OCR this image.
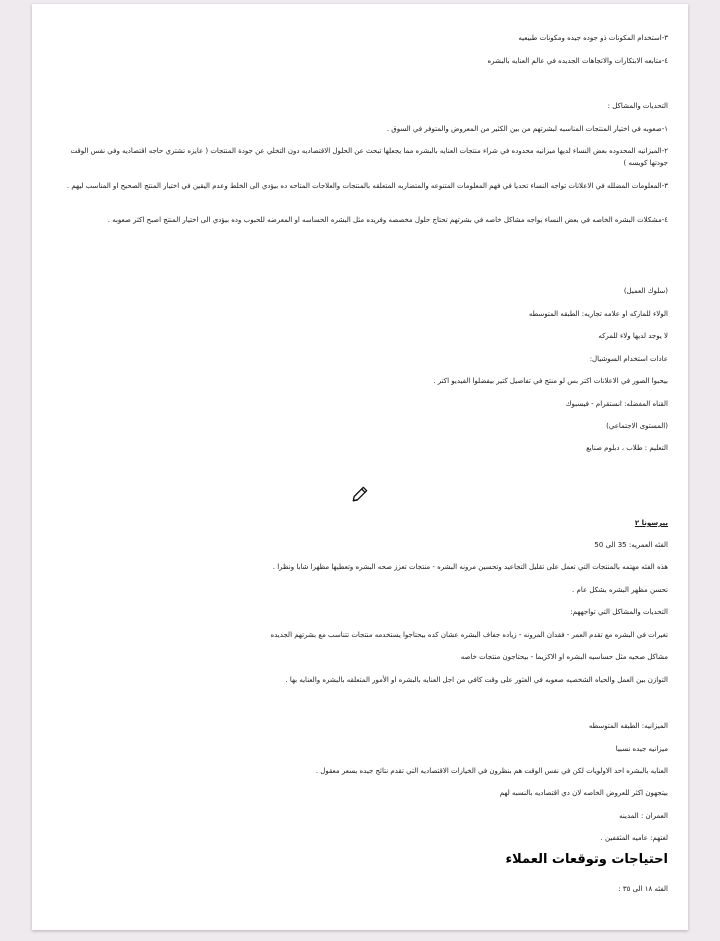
٣-استخدام المكونات ذو جوده جيده ومكونات طبيعيه
٤-متابعه الابتكارات والاتجاهات الجديده في عالم العنايه بالبشره
التحديات والمشاكل :
١-صعوبه في اختيار المنتجات المناسبه لبشرتهم من بين الكثير من المعروض والمتوفر في السوق .
٢-الميزانيه المحدوده بعض النساء لديها ميزانيه محدوده في شراء منتجات العنايه بالبشره مما يجعلها تبحث عن الحلول الاقتصاديه دون التخلي عن جودة المنتجات ( عايزه تشتري حاجه اقتصاديه وفي نفس الوقت جودتها كويسه )
٣-المعلومات المضلله في الاعلانات تواجه النساء تحديا في فهم المعلومات المتنوعه والمتضاربه المتعلقه بالمنتجات والعلاجات المتاحه ده بيؤدي الى الخلط وعدم اليقين في اختيار المنتج الصحيح او المناسب ليهم .
٤-مشكلات البشره الخاصه في بعض النساء بواجه مشاكل خاصه في بشرتهم تحتاج حلول مخصصه وفريده مثل البشره الحساسه او المعرضه للحبوب وده بيؤدي الى اختيار المنتج اصبح اكثر صعوبه .
(سلوك العميل)
الولاء للماركه او علامه تجاريه: الطبقه المتوسطه
لا يوجد لديها ولاء للمركه
عادات استخدام السوشيال:
بيحبوا الصور في الاعلانات اكتر بس لو منتج في تفاصيل كتير بيفضلوا الفيديو اكتر .
القناه المفضله: انستقرام - فيسبوك
(المستوى الاجتماعي)
التعليم : طلاب ، دبلوم صنايع
بيرسونا ٢
الفئه العمريه: 35 الى 50
هذه الفئه مهتمه بالمنتجات التي تعمل على تقليل التجاعيد وتحسين مرونه البشره - منتجات تعزز صحه البشره وتعطيها مظهرا شابا ونظرا .
تحسن مظهر البشره بشكل عام .
التحديات والمشاكل التي تواجههم:
تغيرات في البشره مع تقدم العمر - فقدان المرونه - زياده جفاف البشره عشان كده بيحتاجوا يستخدمه منتجات تتناسب مع بشرتهم الجديده
مشاكل صحيه مثل حساسيه البشره او الاكزيما - بيحتاجون منتجات خاصه
التوازن بين العمل والحياه الشخصيه صعوبه في العثور على وقت كافي من اجل العنايه بالبشره او الأمور المتعلقه بالبشره والعنايه بها .
الميزانيه: الطبقه المتوسطه
ميزانيه جيده نسبيا
العنايه بالبشره احد الاولويات لكن في نفس الوقت هم بنظرون في الخيارات الاقتصاديه التي تقدم نتائج جيده بسعر معقول .
بيتجهون اكثر للعروض الخاصه لان دي اقتصاديه بالنسبه لهم
العمران : المدينه
لغتهم: عاميه المثقفين .
احتياجات وتوقعات العملاء
الفئه ١٨ الى ٣٥ :
